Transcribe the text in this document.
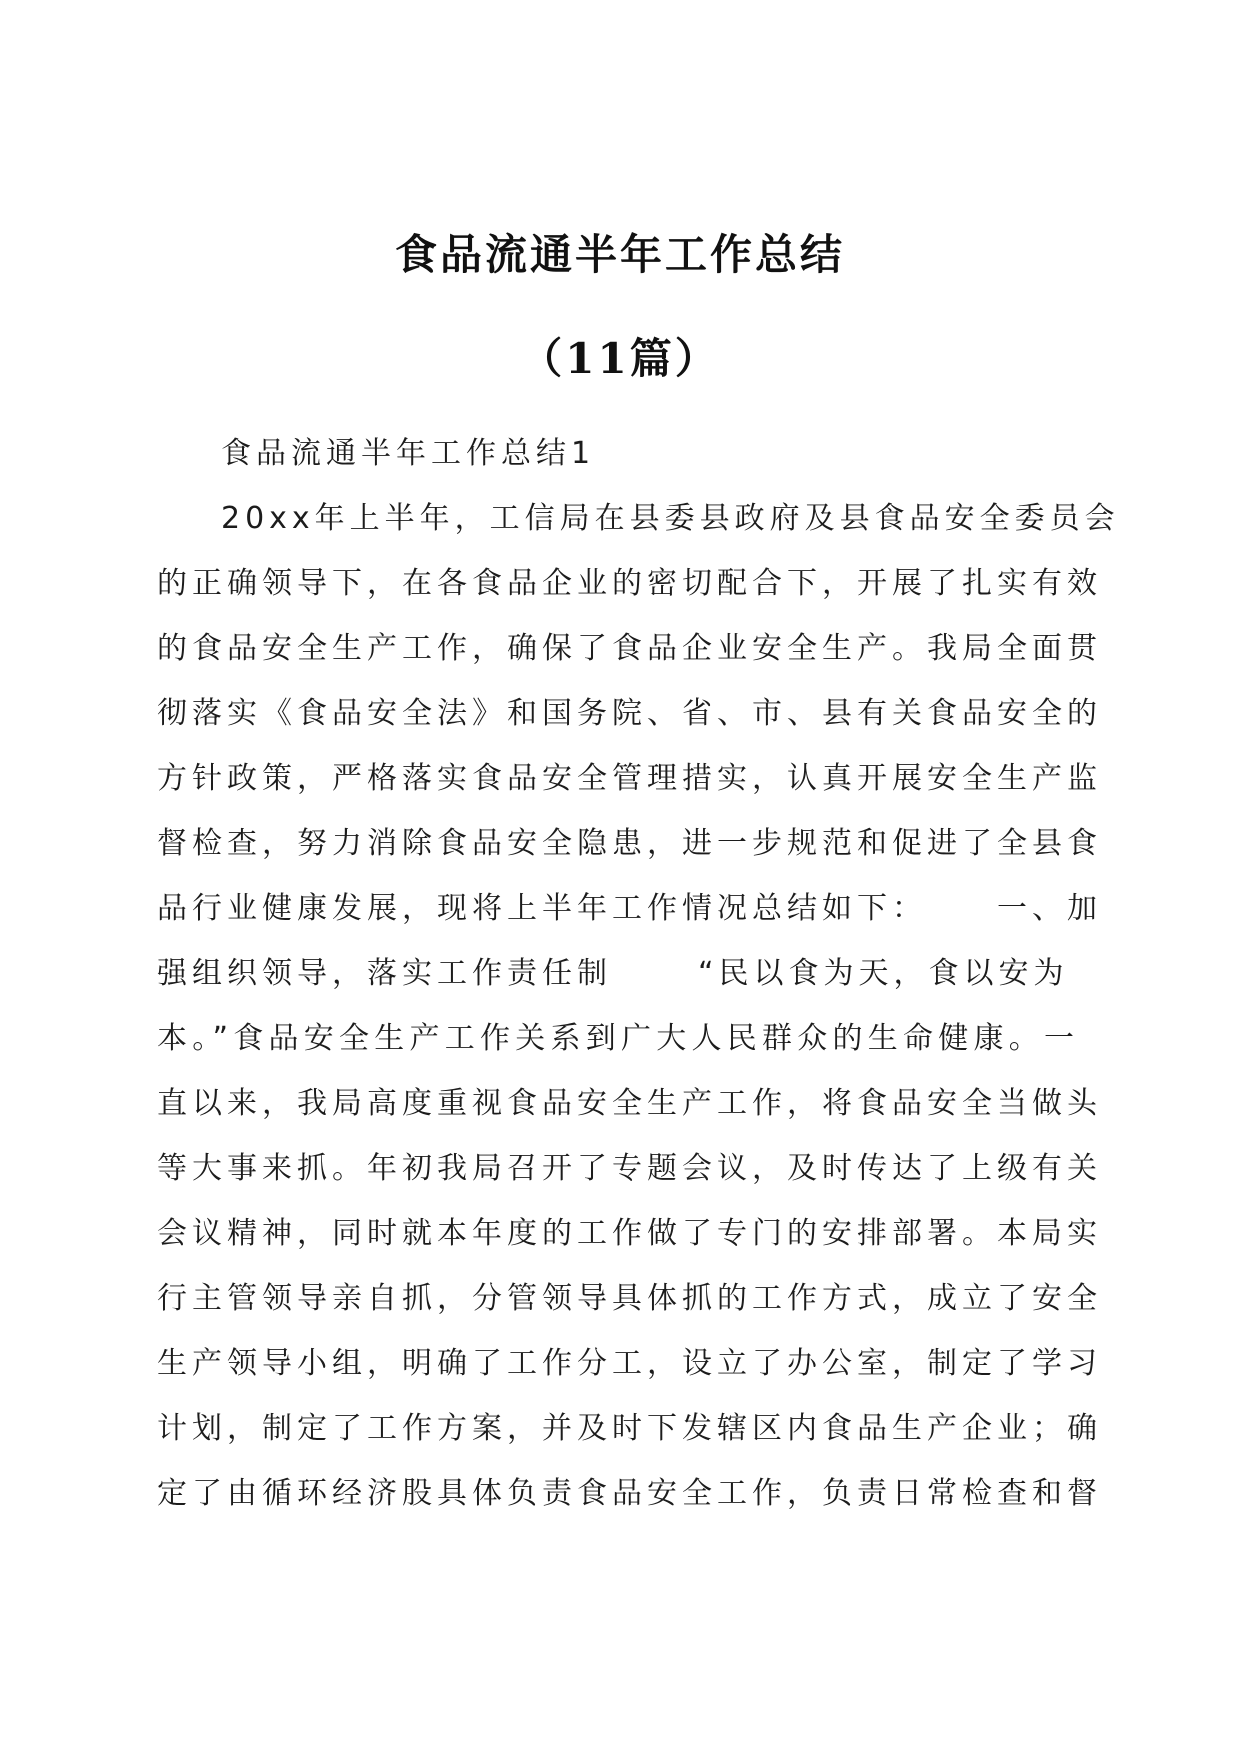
食品流通半年工作总结
（11篇）
食品流通半年工作总结1
20xx年上半年，工信局在县委县政府及县食品安全委员会
的正确领导下，在各食品企业的密切配合下，开展了扎实有效
的食品安全生产工作，确保了食品企业安全生产。我局全面贯
彻落实《食品安全法》和国务院、省、市、县有关食品安全的
方针政策，严格落实食品安全管理措实，认真开展安全生产监
督检查，努力消除食品安全隐患，进一步规范和促进了全县食
品行业健康发展，现将上半年工作情况总结如下： 一、加
强组织领导，落实工作责任制	“民以食为天，食以安为
本。”食品安全生产工作关系到广大人民群众的生命健康。一
直以来，我局高度重视食品安全生产工作，将食品安全当做头
等大事来抓。年初我局召开了专题会议，及时传达了上级有关
会议精神，同时就本年度的工作做了专门的安排部署。本局实
行主管领导亲自抓，分管领导具体抓的工作方式，成立了安全
生产领导小组，明确了工作分工，设立了办公室，制定了学习
计划，制定了工作方案，并及时下发辖区内食品生产企业；确
定了由循环经济股具体负责食品安全工作，负责日常检查和督
